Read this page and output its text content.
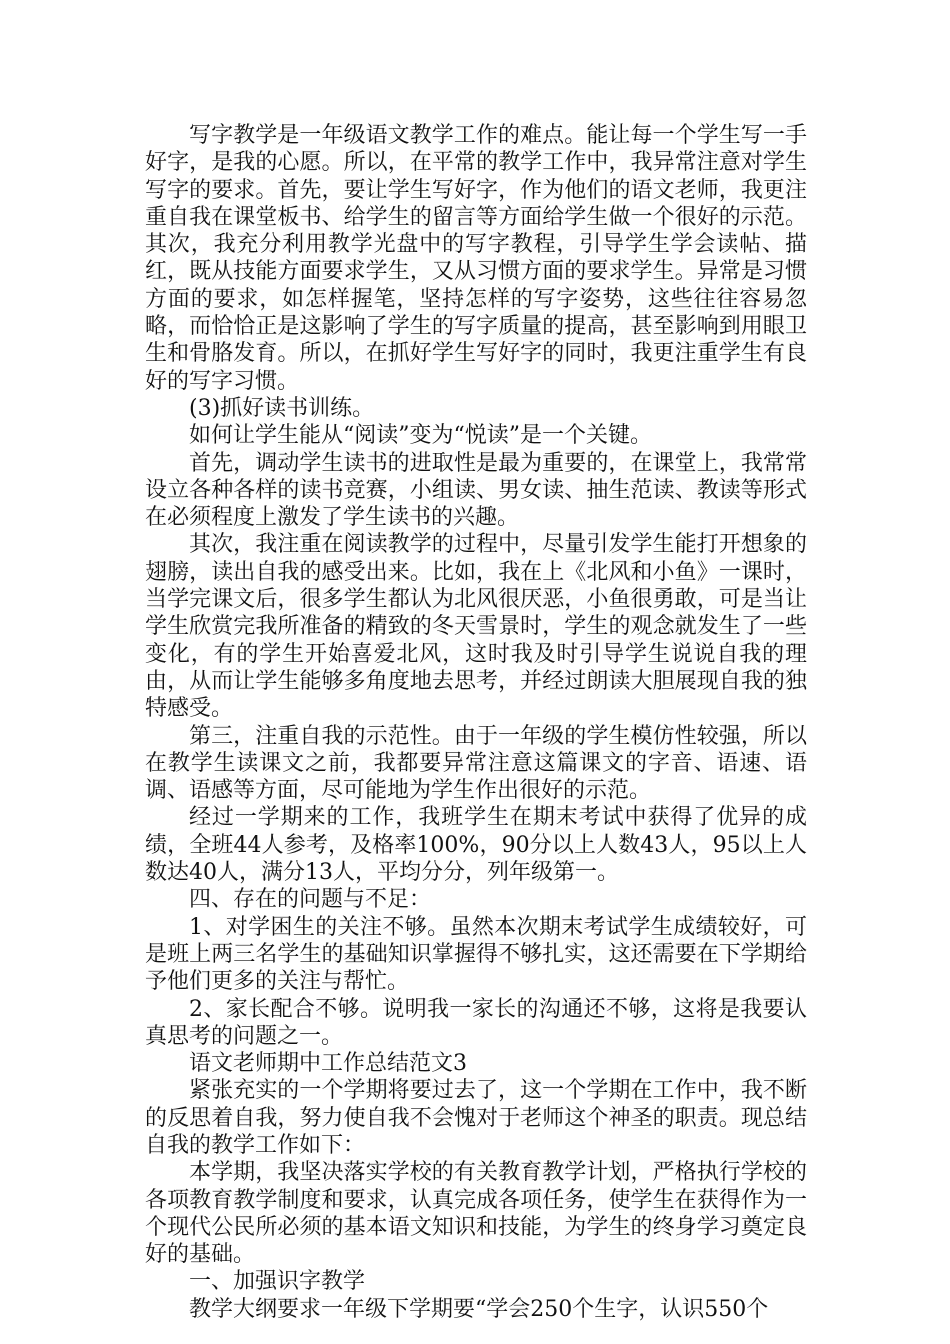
写字教学是一年级语文教学工作的难点。能让每一个学生写一手好字，是我的心愿。所以，在平常的教学工作中，我异常注意对学生写字的要求。首先，要让学生写好字，作为他们的语文老师，我更注重自我在课堂板书、给学生的留言等方面给学生做一个很好的示范。其次，我充分利用教学光盘中的写字教程，引导学生学会读帖、描红，既从技能方面要求学生，又从习惯方面的要求学生。异常是习惯方面的要求，如怎样握笔，坚持怎样的写字姿势，这些往往容易忽略，而恰恰正是这影响了学生的写字质量的提高，甚至影响到用眼卫生和骨胳发育。所以，在抓好学生写好字的同时，我更注重学生有良好的写字习惯。

(3)抓好读书训练。

如何让学生能从“阅读”变为“悦读”是一个关键。

首先，调动学生读书的进取性是最为重要的，在课堂上，我常常设立各种各样的读书竞赛，小组读、男女读、抽生范读、教读等形式在必须程度上激发了学生读书的兴趣。

其次，我注重在阅读教学的过程中，尽量引发学生能打开想象的翅膀，读出自我的感受出来。比如，我在上《北风和小鱼》一课时，当学完课文后，很多学生都认为北风很厌恶，小鱼很勇敢，可是当让学生欣赏完我所准备的精致的冬天雪景时，学生的观念就发生了一些变化，有的学生开始喜爱北风，这时我及时引导学生说说自我的理由，从而让学生能够多角度地去思考，并经过朗读大胆展现自我的独特感受。

第三，注重自我的示范性。由于一年级的学生模仿性较强，所以在教学生读课文之前，我都要异常注意这篇课文的字音、语速、语调、语感等方面，尽可能地为学生作出很好的示范。

经过一学期来的工作，我班学生在期末考试中获得了优异的成绩，全班44人参考，及格率100%，90分以上人数43人，95以上人数达40人，满分13人，平均分分，列年级第一。

四、存在的问题与不足：

1、对学困生的关注不够。虽然本次期末考试学生成绩较好，可是班上两三名学生的基础知识掌握得不够扎实，这还需要在下学期给予他们更多的关注与帮忙。

2、家长配合不够。说明我一家长的沟通还不够，这将是我要认真思考的问题之一。

语文老师期中工作总结范文3

紧张充实的一个学期将要过去了，这一个学期在工作中，我不断的反思着自我，努力使自我不会愧对于老师这个神圣的职责。现总结自我的教学工作如下：

本学期，我坚决落实学校的有关教育教学计划，严格执行学校的各项教育教学制度和要求，认真完成各项任务，使学生在获得作为一个现代公民所必须的基本语文知识和技能，为学生的终身学习奠定良好的基础。

一、加强识字教学

教学大纲要求一年级下学期要“学会250个生字，认识550个
